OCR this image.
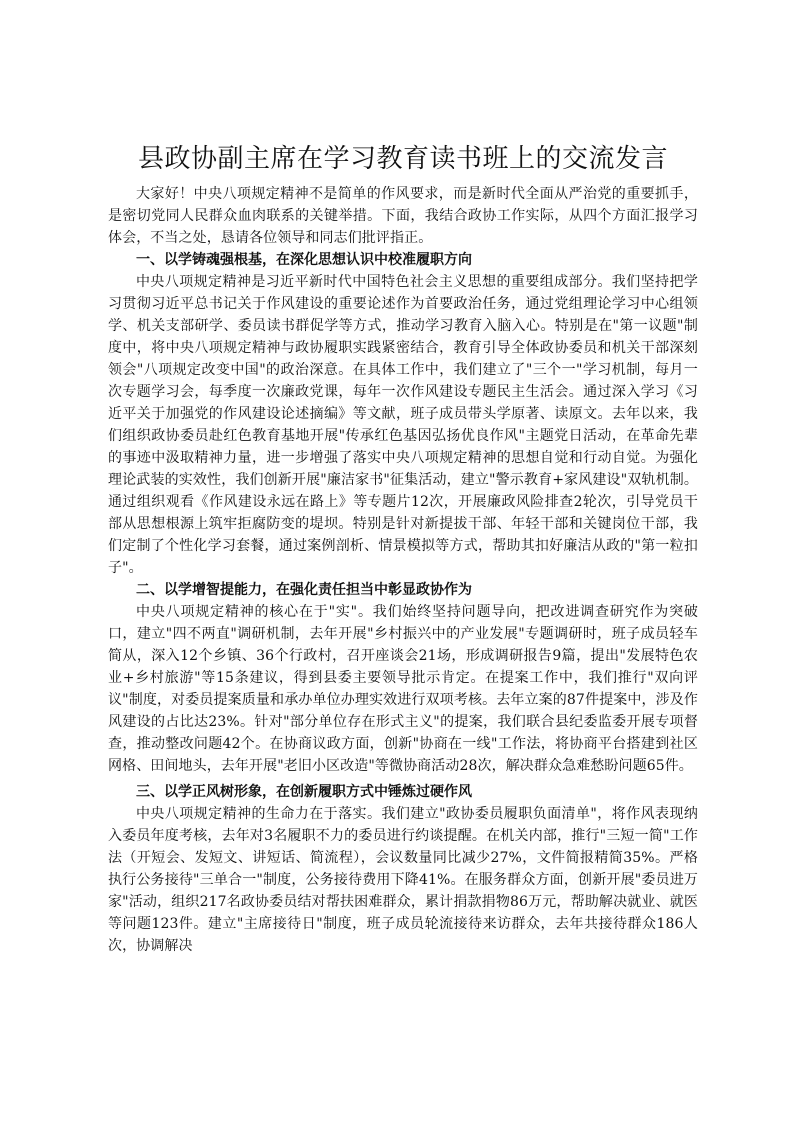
县政协副主席在学习教育读书班上的交流发言

大家好！中央八项规定精神不是简单的作风要求，而是新时代全面从严治党的重要抓手，是密切党同人民群众血肉联系的关键举措。下面，我结合政协工作实际，从四个方面汇报学习体会，不当之处，恳请各位领导和同志们批评指正。

一、以学铸魂强根基，在深化思想认识中校准履职方向

中央八项规定精神是习近平新时代中国特色社会主义思想的重要组成部分。我们坚持把学习贯彻习近平总书记关于作风建设的重要论述作为首要政治任务，通过党组理论学习中心组领学、机关支部研学、委员读书群促学等方式，推动学习教育入脑入心。特别是在"第一议题"制度中，将中央八项规定精神与政协履职实践紧密结合，教育引导全体政协委员和机关干部深刻领会"八项规定改变中国"的政治深意。在具体工作中，我们建立了"三个一"学习机制，每月一次专题学习会，每季度一次廉政党课，每年一次作风建设专题民主生活会。通过深入学习《习近平关于加强党的作风建设论述摘编》等文献，班子成员带头学原著、读原文。去年以来，我们组织政协委员赴红色教育基地开展"传承红色基因弘扬优良作风"主题党日活动，在革命先辈的事迹中汲取精神力量，进一步增强了落实中央八项规定精神的思想自觉和行动自觉。为强化理论武装的实效性，我们创新开展"廉洁家书"征集活动，建立"警示教育+家风建设"双轨机制。通过组织观看《作风建设永远在路上》等专题片12次，开展廉政风险排查2轮次，引导党员干部从思想根源上筑牢拒腐防变的堤坝。特别是针对新提拔干部、年轻干部和关键岗位干部，我们定制了个性化学习套餐，通过案例剖析、情景模拟等方式，帮助其扣好廉洁从政的"第一粒扣子"。

二、以学增智提能力，在强化责任担当中彰显政协作为

中央八项规定精神的核心在于"实"。我们始终坚持问题导向，把改进调查研究作为突破口，建立"四不两直"调研机制，去年开展"乡村振兴中的产业发展"专题调研时，班子成员轻车简从，深入12个乡镇、36个行政村，召开座谈会21场，形成调研报告9篇，提出"发展特色农业+乡村旅游"等15条建议，得到县委主要领导批示肯定。在提案工作中，我们推行"双向评议"制度，对委员提案质量和承办单位办理实效进行双项考核。去年立案的87件提案中，涉及作风建设的占比达23%。针对"部分单位存在形式主义"的提案，我们联合县纪委监委开展专项督查，推动整改问题42个。在协商议政方面，创新"协商在一线"工作法，将协商平台搭建到社区网格、田间地头，去年开展"老旧小区改造"等微协商活动28次，解决群众急难愁盼问题65件。

三、以学正风树形象，在创新履职方式中锤炼过硬作风

中央八项规定精神的生命力在于落实。我们建立"政协委员履职负面清单"，将作风表现纳入委员年度考核，去年对3名履职不力的委员进行约谈提醒。在机关内部，推行"三短一简"工作法（开短会、发短文、讲短话、简流程），会议数量同比减少27%，文件简报精简35%。严格执行公务接待"三单合一"制度，公务接待费用下降41%。在服务群众方面，创新开展"委员进万家"活动，组织217名政协委员结对帮扶困难群众，累计捐款捐物86万元，帮助解决就业、就医等问题123件。建立"主席接待日"制度，班子成员轮流接待来访群众，去年共接待群众186人次，协调解决
